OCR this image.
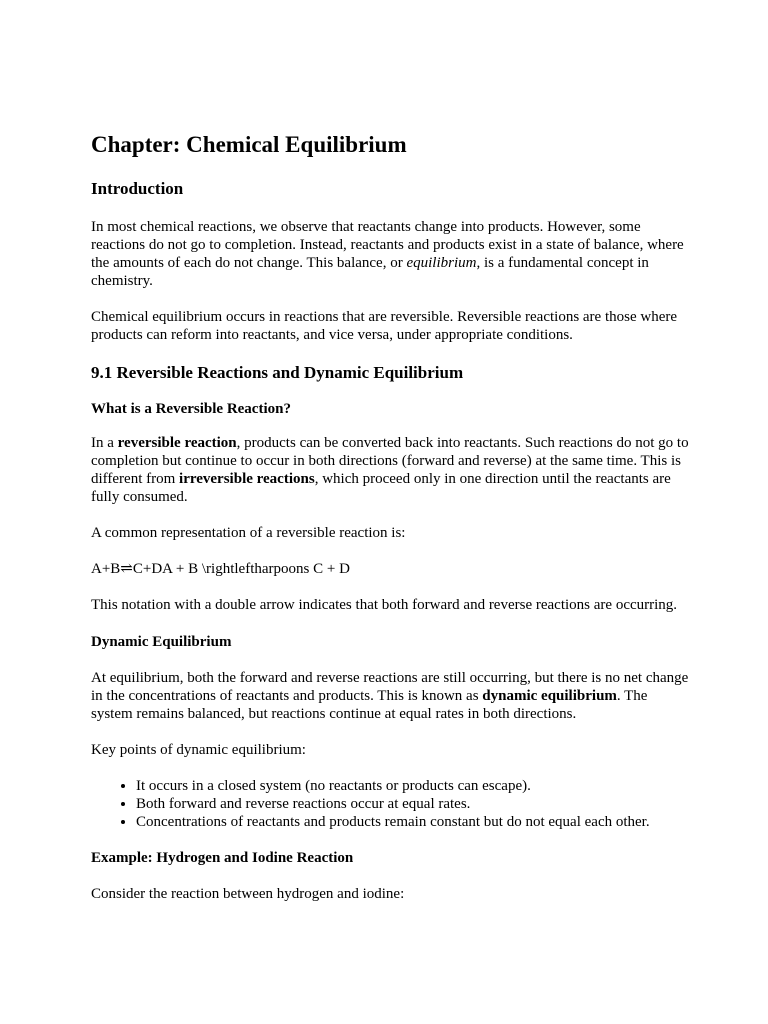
Chapter: Chemical Equilibrium
Introduction

In most chemical reactions, we observe that reactants change into products. However, some reactions do not go to completion. Instead, reactants and products exist in a state of balance, where the amounts of each do not change. This balance, or equilibrium, is a fundamental concept in chemistry.

Chemical equilibrium occurs in reactions that are reversible. Reversible reactions are those where products can reform into reactants, and vice versa, under appropriate conditions.

9.1 Reversible Reactions and Dynamic Equilibrium
What is a Reversible Reaction?

In a reversible reaction, products can be converted back into reactants. Such reactions do not go to completion but continue to occur in both directions (forward and reverse) at the same time. This is different from irreversible reactions, which proceed only in one direction until the reactants are fully consumed.

A common representation of a reversible reaction is:

A+B⇌C+DA + B \rightleftharpoons C + D

This notation with a double arrow indicates that both forward and reverse reactions are occurring.

Dynamic Equilibrium

At equilibrium, both the forward and reverse reactions are still occurring, but there is no net change in the concentrations of reactants and products. This is known as dynamic equilibrium. The system remains balanced, but reactions continue at equal rates in both directions.

Key points of dynamic equilibrium:

• It occurs in a closed system (no reactants or products can escape).
• Both forward and reverse reactions occur at equal rates.
• Concentrations of reactants and products remain constant but do not equal each other.
Example: Hydrogen and Iodine Reaction

Consider the reaction between hydrogen and iodine:
